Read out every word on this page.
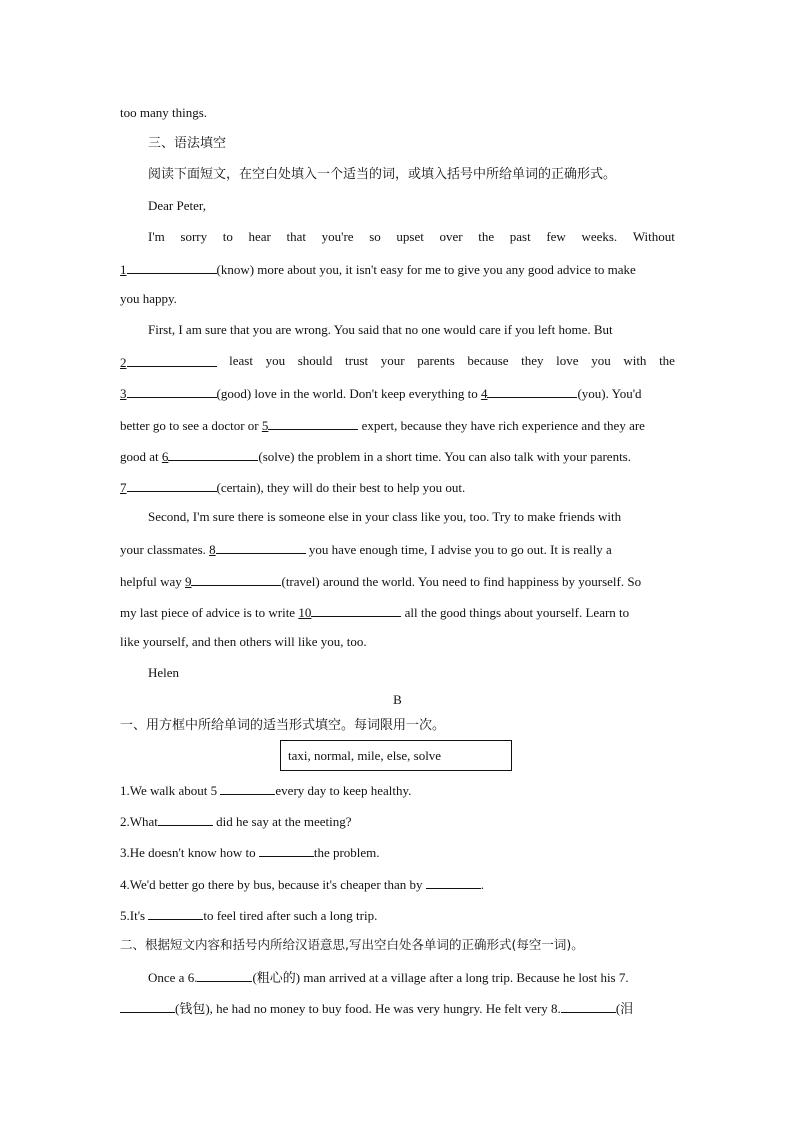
too many things.
三、语法填空
阅读下面短文，在空白处填入一个适当的词，或填入括号中所给单词的正确形式。
Dear Peter,
I'm sorry to hear that you're so upset over the past few weeks. Without
1	(know) more about you, it isn't easy for me to give you any good advice to make
you happy.
First, I am sure that you are wrong. You said that no one would care if you left home. But
2	least you should trust your parents because they love you with the
3	(good) love in the world. Don't keep everything to 4	(you). You'd
better go to see a doctor or 5	expert, because they have rich experience and they are
good at 6	(solve) the problem in a short time. You can also talk with your parents.
7	(certain), they will do their best to help you out.
Second, I'm sure there is someone else in your class like you, too. Try to make friends with
your classmates. 8	you have enough time, I advise you to go out. It is really a
helpful way 9	(travel) around the world. You need to find happiness by yourself. So
my last piece of advice is to write 10	all the good things about yourself. Learn to
like yourself, and then others will like you, too.
Helen
B
一、用方框中所给单词的适当形式填空。每词限用一次。
taxi, normal, mile, else, solve
1.We walk about 5	every day to keep healthy.
2.What	did he say at the meeting?
3.He doesn't know how to	the problem.
4.We'd better go there by bus, because it's cheaper than by	.
5.It's	to feel tired after such a long trip.
二、根据短文内容和括号内所给汉语意思,写出空白处各单词的正确形式(每空一词)。
Once a 6.	(粗心的) man arrived at a village after a long trip. Because he lost his 7.
(钱包), he had no money to buy food. He was very hungry. He felt very 8.	(泪
